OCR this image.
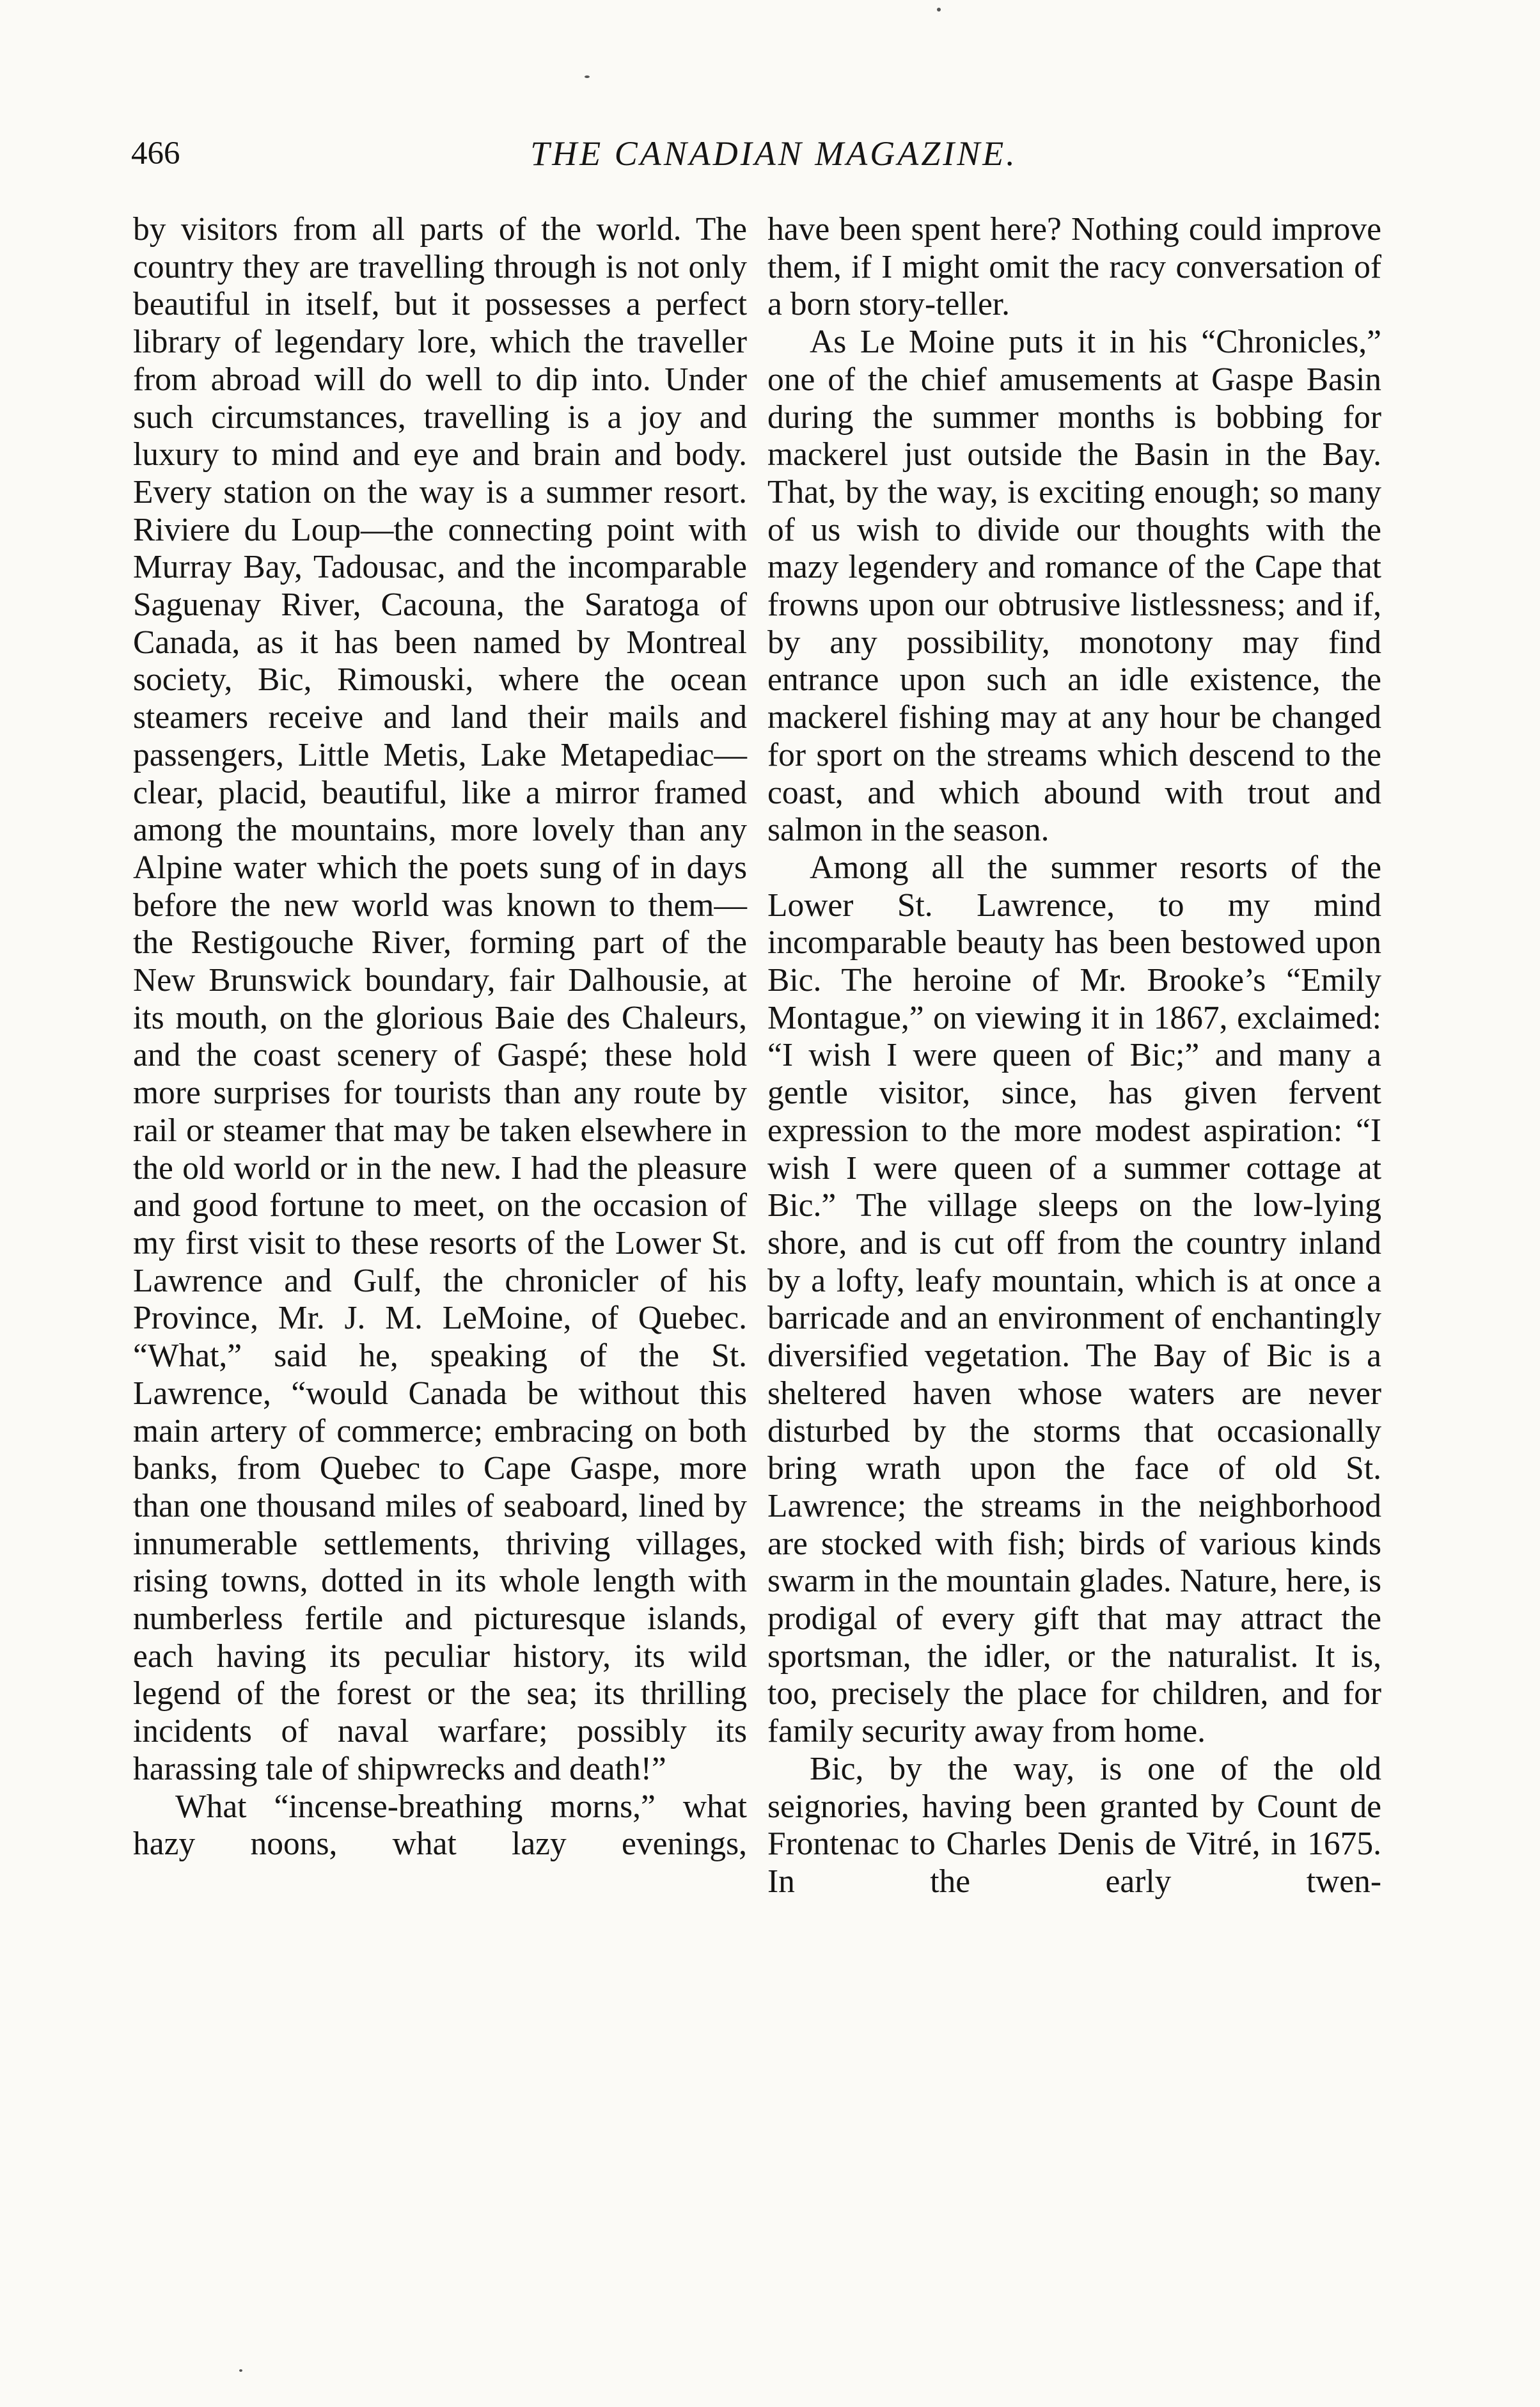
466	THE CANADIAN MAGAZINE.

by visitors from all parts of the world. The country they are travelling through is not only beautiful in itself, but it possesses a perfect library of legendary lore, which the traveller from abroad will do well to dip into. Under such circumstances, travelling is a joy and luxury to mind and eye and brain and body. Every station on the way is a summer resort. Riviere du Loup—the connecting point with Murray Bay, Tadousac, and the incomparable Saguenay River, Cacouna, the Saratoga of Canada, as it has been named by Montreal society, Bic, Rimouski, where the ocean steamers receive and land their mails and passengers, Little Metis, Lake Metapediac—clear, placid, beautiful, like a mirror framed among the mountains, more lovely than any Alpine water which the poets sung of in days before the new world was known to them—the Restigouche River, forming part of the New Brunswick boundary, fair Dalhousie, at its mouth, on the glorious Baie des Chaleurs, and the coast scenery of Gaspé; these hold more surprises for tourists than any route by rail or steamer that may be taken elsewhere in the old world or in the new. I had the pleasure and good fortune to meet, on the occasion of my first visit to these resorts of the Lower St. Lawrence and Gulf, the chronicler of his Province, Mr. J. M. LeMoine, of Quebec. “What,” said he, speaking of the St. Lawrence, “would Canada be without this main artery of commerce; embracing on both banks, from Quebec to Cape Gaspe, more than one thousand miles of seaboard, lined by innumerable settlements, thriving villages, rising towns, dotted in its whole length with numberless fertile and picturesque islands, each having its peculiar history, its wild legend of the forest or the sea; its thrilling incidents of naval warfare; possibly its harassing tale of shipwrecks and death!”

What “incense-breathing morns,” what hazy noons, what lazy evenings,

have been spent here? Nothing could improve them, if I might omit the racy conversation of a born story-teller.

As Le Moine puts it in his “Chronicles,” one of the chief amusements at Gaspe Basin during the summer months is bobbing for mackerel just outside the Basin in the Bay. That, by the way, is exciting enough; so many of us wish to divide our thoughts with the mazy legendery and romance of the Cape that frowns upon our obtrusive listlessness; and if, by any possibility, monotony may find entrance upon such an idle existence, the mackerel fishing may at any hour be changed for sport on the streams which descend to the coast, and which abound with trout and salmon in the season.

Among all the summer resorts of the Lower St. Lawrence, to my mind incomparable beauty has been bestowed upon Bic. The heroine of Mr. Brooke’s “Emily Montague,” on viewing it in 1867, exclaimed: “I wish I were queen of Bic;” and many a gentle visitor, since, has given fervent expression to the more modest aspiration: “I wish I were queen of a summer cottage at Bic.” The village sleeps on the low-lying shore, and is cut off from the country inland by a lofty, leafy mountain, which is at once a barricade and an environment of enchantingly diversified vegetation. The Bay of Bic is a sheltered haven whose waters are never disturbed by the storms that occasionally bring wrath upon the face of old St. Lawrence; the streams in the neighborhood are stocked with fish; birds of various kinds swarm in the mountain glades. Nature, here, is prodigal of every gift that may attract the sportsman, the idler, or the naturalist. It is, too, precisely the place for children, and for family security away from home.

Bic, by the way, is one of the old seignories, having been granted by Count de Frontenac to Charles Denis de Vitré, in 1675. In the early twen-
